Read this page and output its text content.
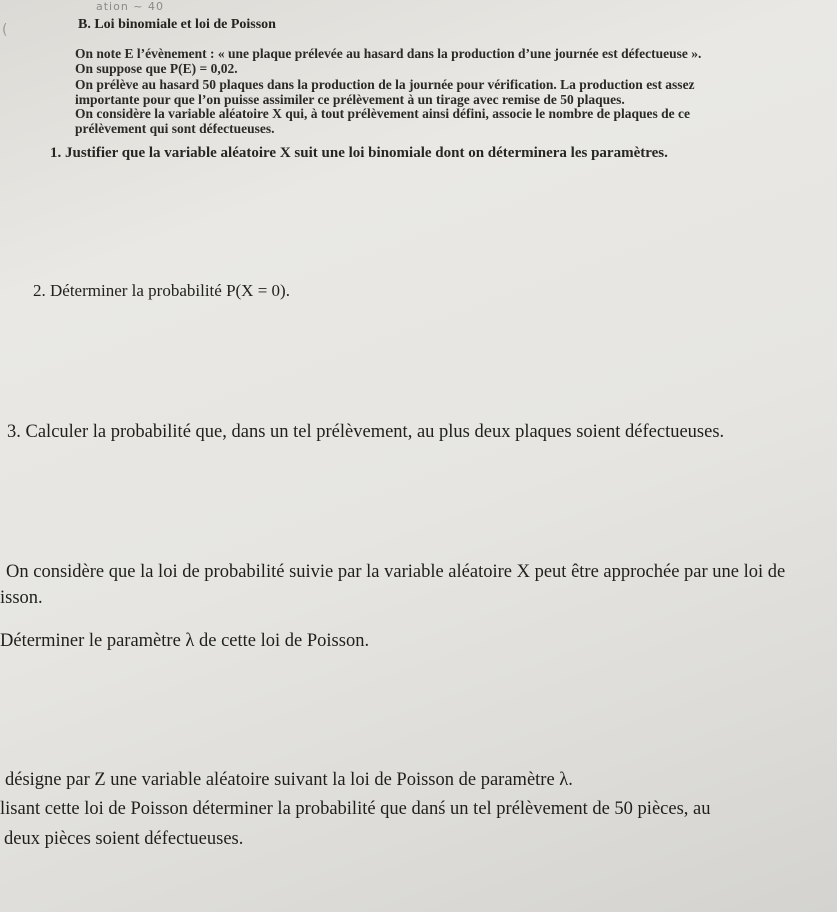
ation ~ 40
(	B. Loi binomiale et loi de Poisson
On note E l’évènement : « une plaque prélevée au hasard dans la production d’une journée est défectueuse ».
On suppose que P(E) = 0,02.
On prélève au hasard 50 plaques dans la production de la journée pour vérification. La production est assez
importante pour que l’on puisse assimiler ce prélèvement à un tirage avec remise de 50 plaques.
On considère la variable aléatoire X qui, à tout prélèvement ainsi défini, associe le nombre de plaques de ce
prélèvement qui sont défectueuses.
1. Justifier que la variable aléatoire X suit une loi binomiale dont on déterminera les paramètres.
2. Déterminer la probabilité P(X = 0).
3. Calculer la probabilité que, dans un tel prélèvement, au plus deux plaques soient défectueuses.
On considère que la loi de probabilité suivie par la variable aléatoire X peut être approchée par une loi de
isson.
Déterminer le paramètre λ de cette loi de Poisson.
désigne par Z une variable aléatoire suivant la loi de Poisson de paramètre λ.
lisant cette loi de Poisson déterminer la probabilité que danś un tel prélèvement de 50 pièces, au
deux pièces soient défectueuses.
